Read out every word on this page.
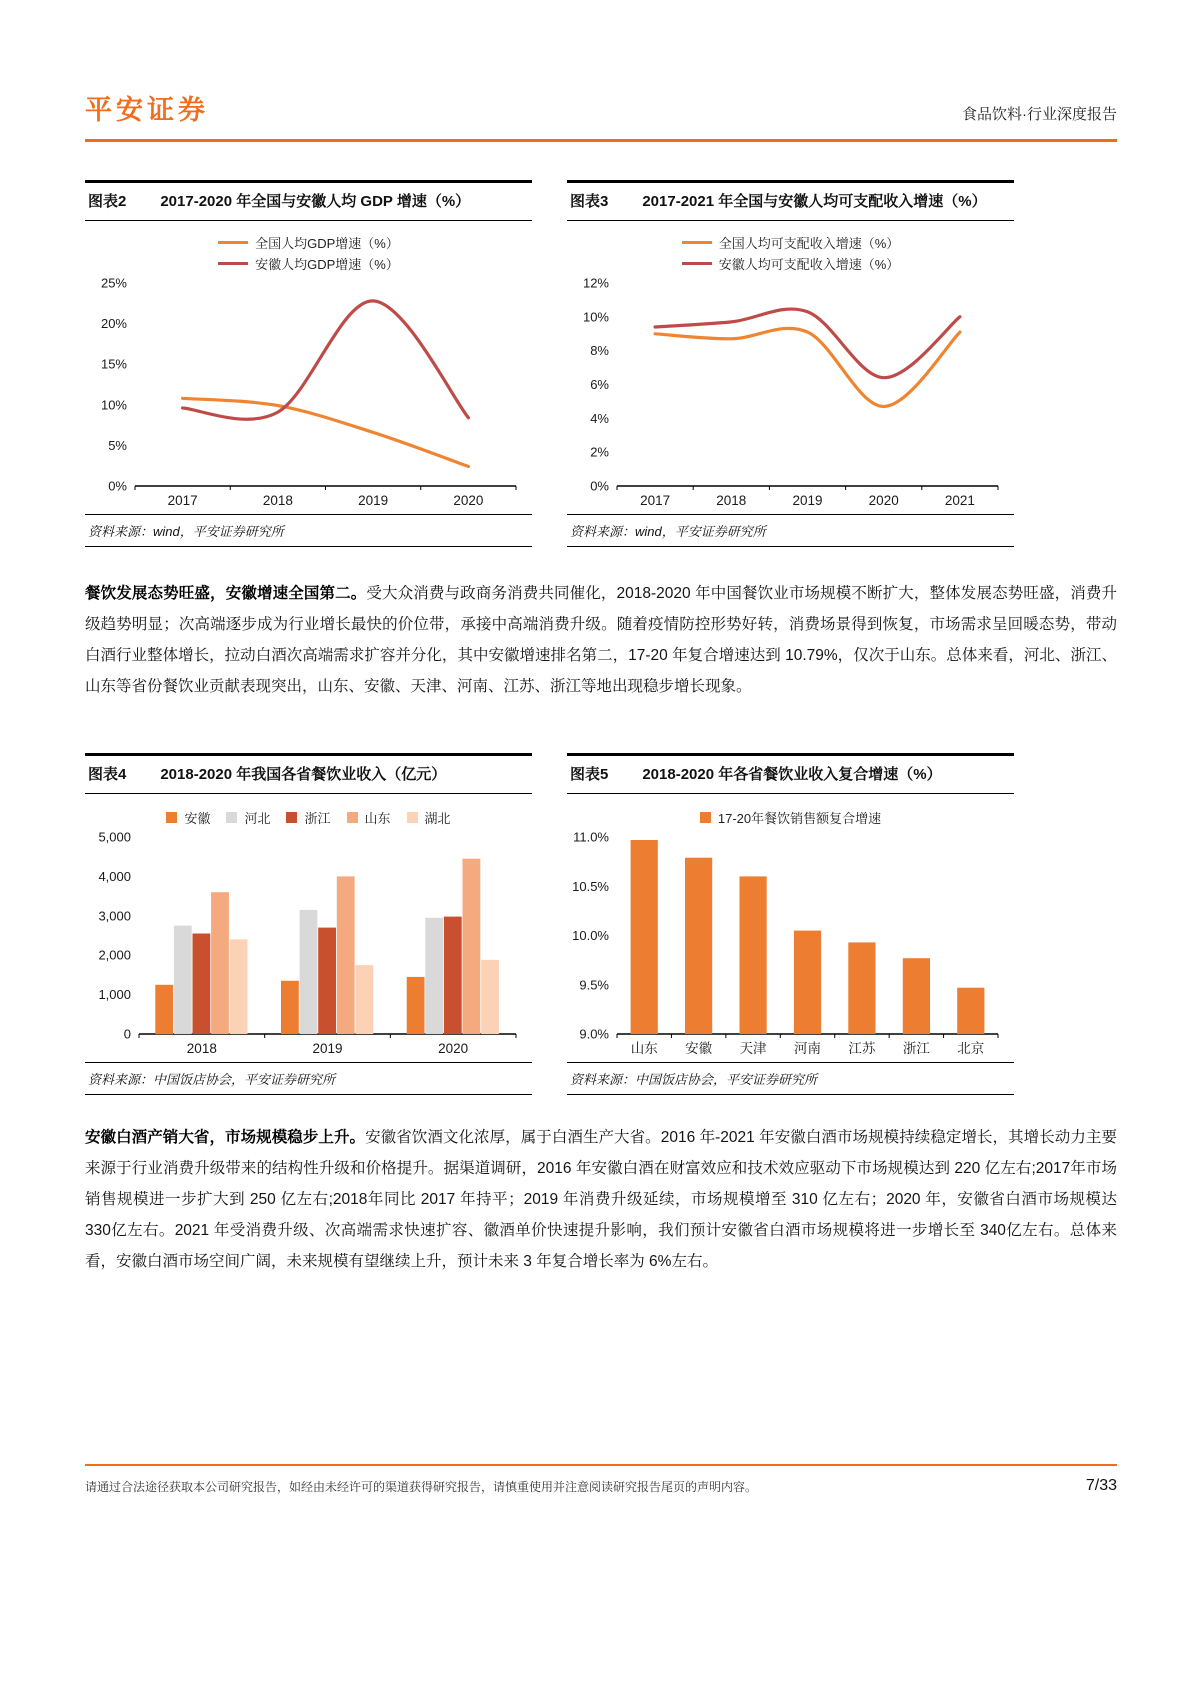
平安证券	食品饮料·行业深度报告
图表2 2017-2020 年全国与安徽人均 GDP 增速（%）
全国人均GDP增速（%）
安徽人均GDP增速（%）
0%
5%
10%
15%
20%
25%
2017	2018	2019	2020
资料来源：wind，平安证券研究所
图表3 2017-2021 年全国与安徽人均可支配收入增速（%）
全国人均可支配收入增速（%）
安徽人均可支配收入增速（%）
0%
2%
4%
6%
8%
10%
12%
2017	2018	2019	2020	2021
资料来源：wind，平安证券研究所

餐饮发展态势旺盛，安徽增速全国第二。受大众消费与政商务消费共同催化，2018-2020 年中国餐饮业市场规模不断扩大，整体发展态势旺盛，消费升级趋势明显；次高端逐步成为行业增长最快的价位带，承接中高端消费升级。随着疫情防控形势好转，消费场景得到恢复，市场需求呈回暖态势，带动白酒行业整体增长，拉动白酒次高端需求扩容并分化，其中安徽增速排名第二，17-20 年复合增速达到 10.79%，仅次于山东。总体来看，河北、浙江、山东等省份餐饮业贡献表现突出，山东、安徽、天津、河南、江苏、浙江等地出现稳步增长现象。

图表4 2018-2020 年我国各省餐饮业收入（亿元）
安徽	河北	浙江	山东	湖北
0
1,000
2,000
3,000
4,000
5,000
2018	2019	2020
资料来源：中国饭店协会，平安证券研究所
图表5 2018-2020 年各省餐饮业收入复合增速（%）
17-20年餐饮销售额复合增速
9.0%
9.5%
10.0%
10.5%
11.0%
山东 安徽 天津 河南 江苏 浙江 北京
资料来源：中国饭店协会，平安证券研究所

安徽白酒产销大省，市场规模稳步上升。安徽省饮酒文化浓厚，属于白酒生产大省。2016 年-2021 年安徽白酒市场规模持续稳定增长，其增长动力主要来源于行业消费升级带来的结构性升级和价格提升。据渠道调研，2016 年安徽白酒在财富效应和技术效应驱动下市场规模达到 220 亿左右;2017年市场销售规模进一步扩大到 250 亿左右;2018年同比 2017 年持平；2019 年消费升级延续，市场规模增至 310 亿左右；2020 年，安徽省白酒市场规模达 330亿左右。2021 年受消费升级、次高端需求快速扩容、徽酒单价快速提升影响，我们预计安徽省白酒市场规模将进一步增长至 340亿左右。总体来看，安徽白酒市场空间广阔，未来规模有望继续上升，预计未来 3 年复合增长率为 6%左右。

请通过合法途径获取本公司研究报告，如经由未经许可的渠道获得研究报告，请慎重使用并注意阅读研究报告尾页的声明内容。	7/33
